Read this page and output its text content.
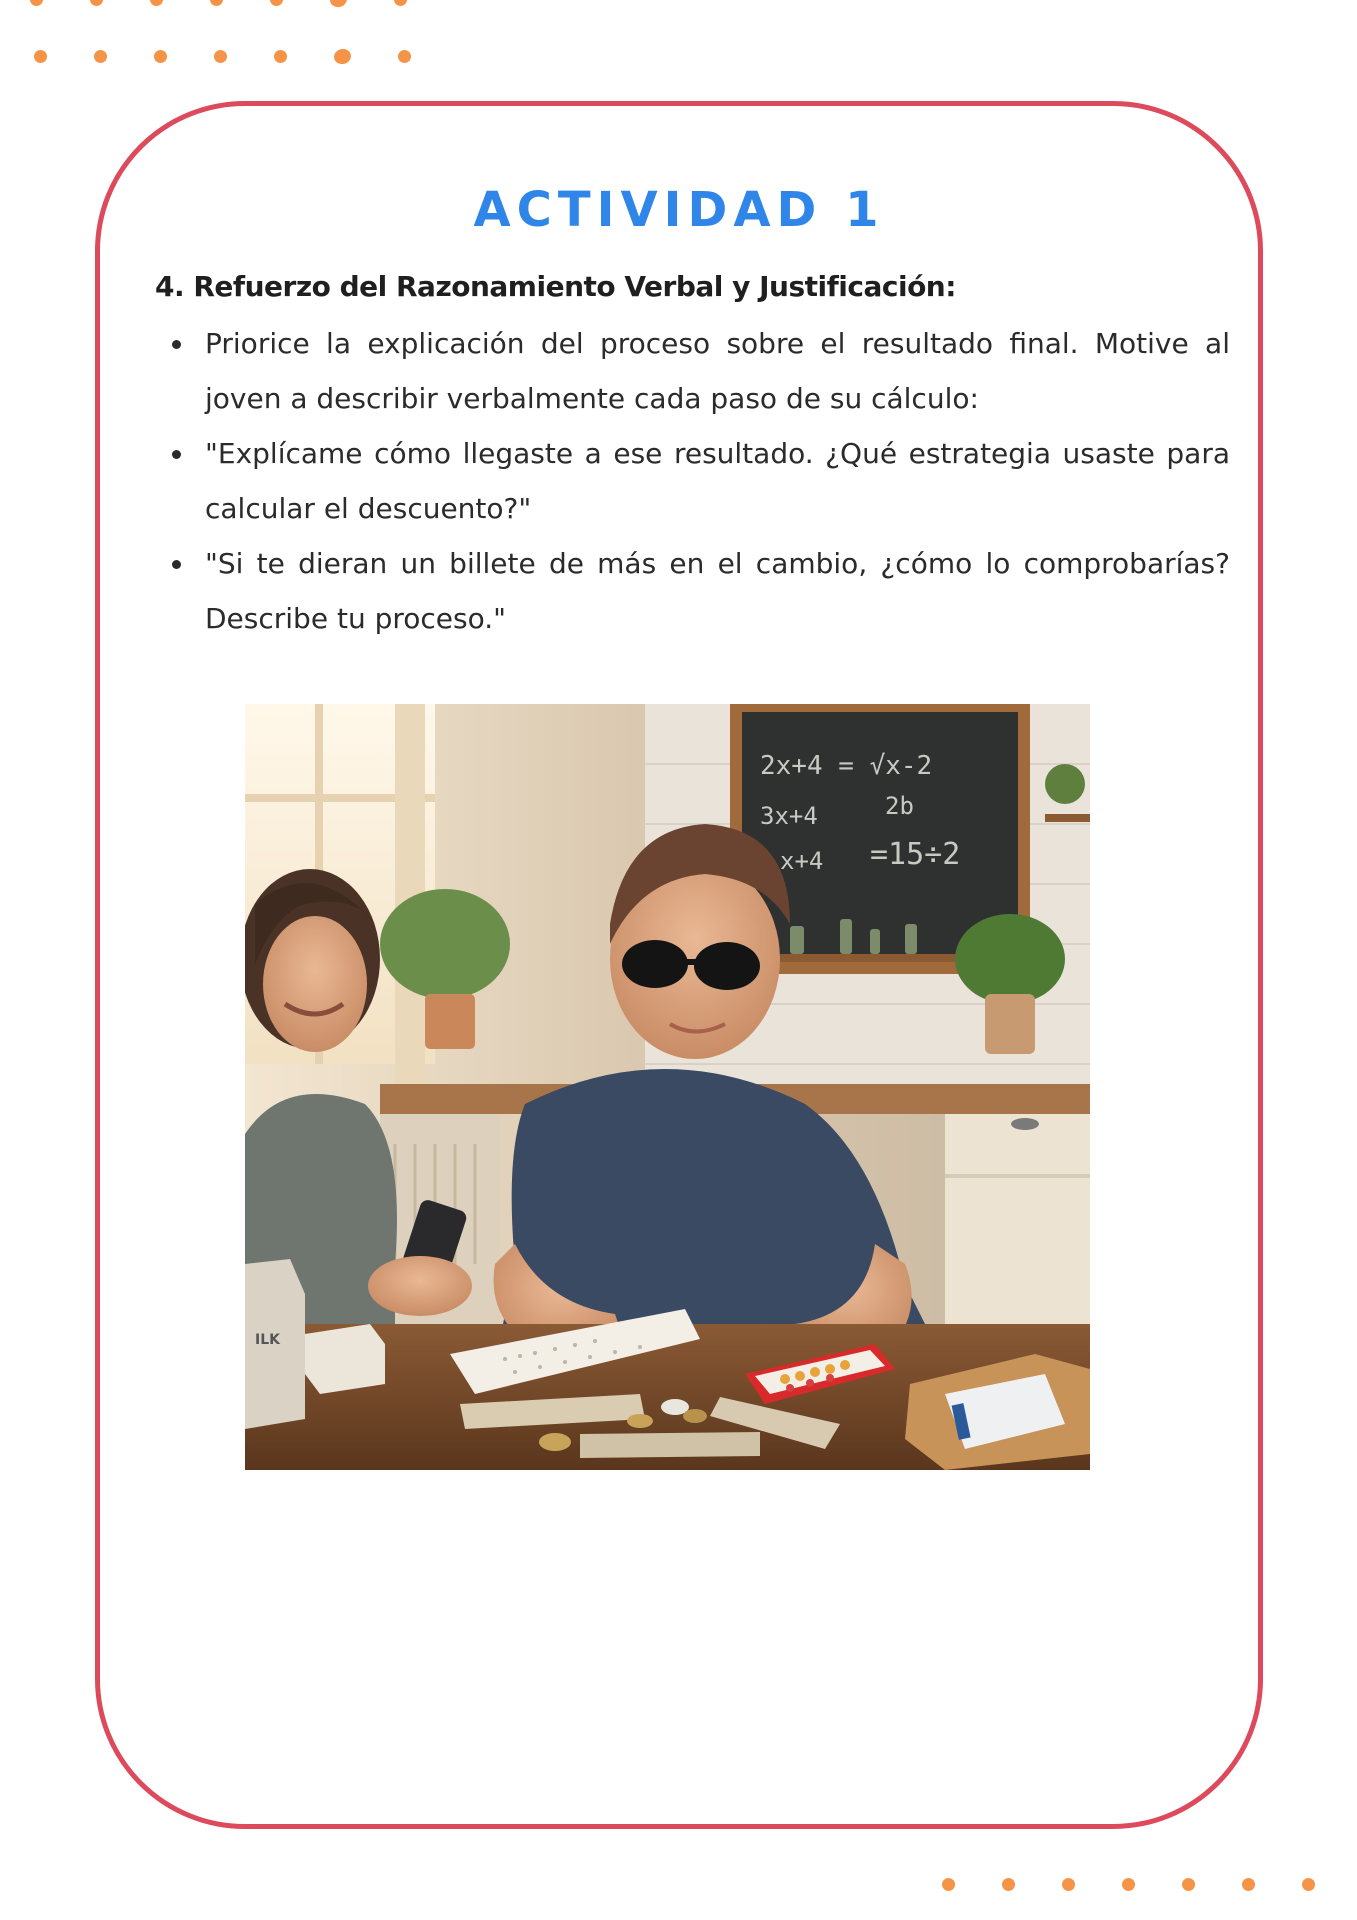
ACTIVIDAD 1
4. Refuerzo del Razonamiento Verbal y Justificación:
Priorice la explicación del proceso sobre el resultado final. Motive al joven a describir verbalmente cada paso de su cálculo:
"Explícame cómo llegaste a ese resultado. ¿Qué estrategia usaste para calcular el descuento?"
"Si te dieran un billete de más en el cambio, ¿cómo lo comprobarías? Describe tu proceso."
2x+4 = √x-2
3x+4	2b
x+4 =15÷2
ILK
